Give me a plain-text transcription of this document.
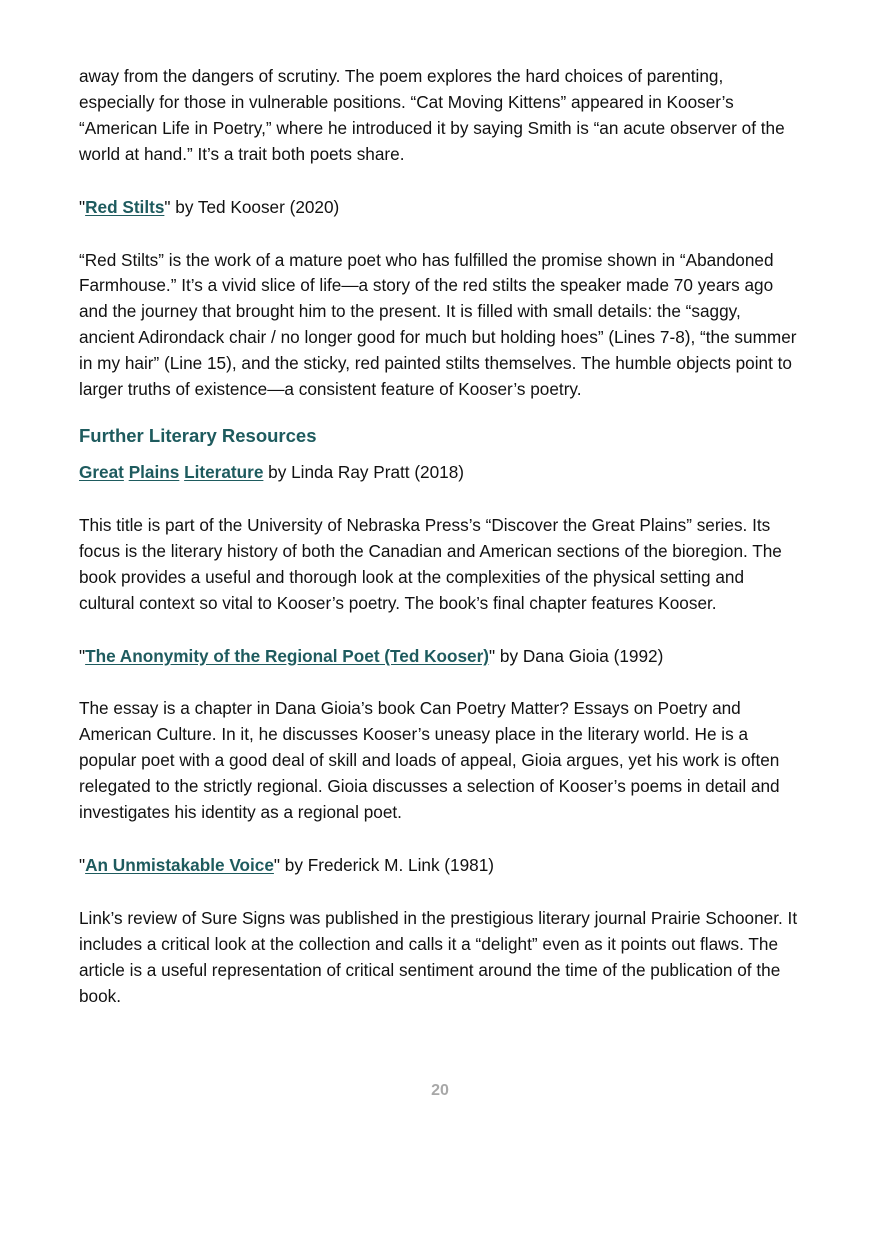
away from the dangers of scrutiny. The poem explores the hard choices of parenting, especially for those in vulnerable positions. “Cat Moving Kittens” appeared in Kooser’s “American Life in Poetry,” where he introduced it by saying Smith is “an acute observer of the world at hand.” It’s a trait both poets share.

"Red Stilts" by Ted Kooser (2020)

“Red Stilts” is the work of a mature poet who has fulfilled the promise shown in “Abandoned Farmhouse.” It’s a vivid slice of life—a story of the red stilts the speaker made 70 years ago and the journey that brought him to the present. It is filled with small details: the “saggy, ancient Adirondack chair / no longer good for much but holding hoes” (Lines 7-8), “the summer in my hair” (Line 15), and the sticky, red painted stilts themselves. The humble objects point to larger truths of existence—a consistent feature of Kooser’s poetry.

Further Literary Resources

Great Plains Literature by Linda Ray Pratt (2018)

This title is part of the University of Nebraska Press’s “Discover the Great Plains” series. Its focus is the literary history of both the Canadian and American sections of the bioregion. The book provides a useful and thorough look at the complexities of the physical setting and cultural context so vital to Kooser’s poetry. The book’s final chapter features Kooser.

"The Anonymity of the Regional Poet (Ted Kooser)" by Dana Gioia (1992)

The essay is a chapter in Dana Gioia’s book Can Poetry Matter? Essays on Poetry and American Culture. In it, he discusses Kooser’s uneasy place in the literary world. He is a popular poet with a good deal of skill and loads of appeal, Gioia argues, yet his work is often relegated to the strictly regional. Gioia discusses a selection of Kooser’s poems in detail and investigates his identity as a regional poet.

"An Unmistakable Voice" by Frederick M. Link (1981)

Link’s review of Sure Signs was published in the prestigious literary journal Prairie Schooner. It includes a critical look at the collection and calls it a “delight” even as it points out flaws. The article is a useful representation of critical sentiment around the time of the publication of the book.

20
